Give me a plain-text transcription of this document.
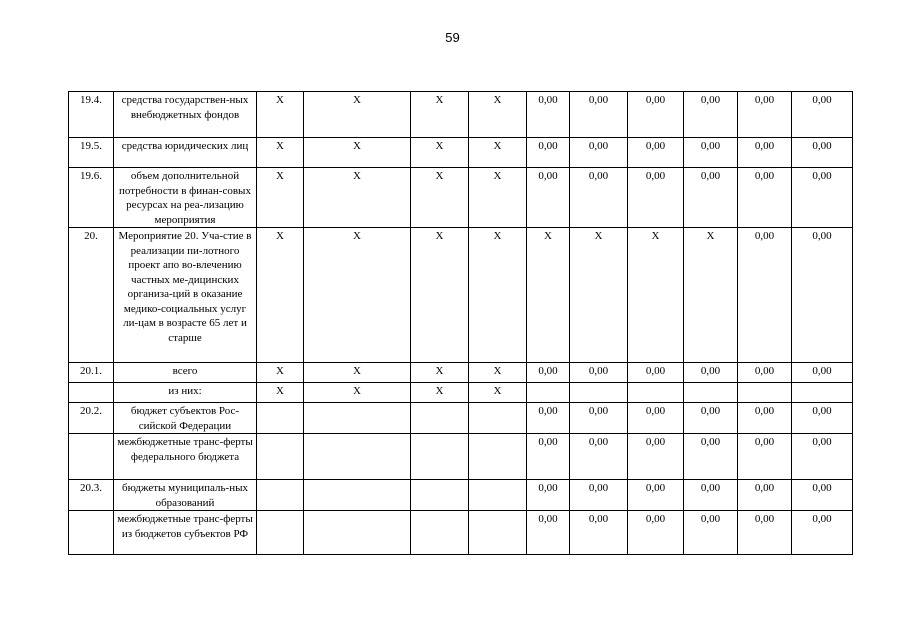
59
19.4.	средства государствен-ных внебюджетных фондов	X	X	X	X	0,00	0,00	0,00	0,00	0,00	0,00
19.5.	средства юридических лиц	X	X	X	X	0,00	0,00	0,00	0,00	0,00	0,00
19.6.	объем дополнительной потребности в финан-совых ресурсах на реа-лизацию мероприятия	X	X	X	X	0,00	0,00	0,00	0,00	0,00	0,00
20.	Мероприятие 20. Уча-стие в реализации пи-лотного проект апо во-влечению частных ме-дицинских организа-ций в оказание медико-социальных услуг ли-цам в возрасте 65 лет и старше	X	X	X	X	X	X	X	X	0,00	0,00
20.1.	всего	X	X	X	X	0,00	0,00	0,00	0,00	0,00	0,00
	из них:	X	X	X	X						
20.2.	бюджет субъектов Рос-сийской Федерации					0,00	0,00	0,00	0,00	0,00	0,00
	межбюджетные транс-ферты федерального бюджета					0,00	0,00	0,00	0,00	0,00	0,00
20.3.	бюджеты муниципаль-ных образований					0,00	0,00	0,00	0,00	0,00	0,00
	межбюджетные транс-ферты из бюджетов субъектов РФ					0,00	0,00	0,00	0,00	0,00	0,00
